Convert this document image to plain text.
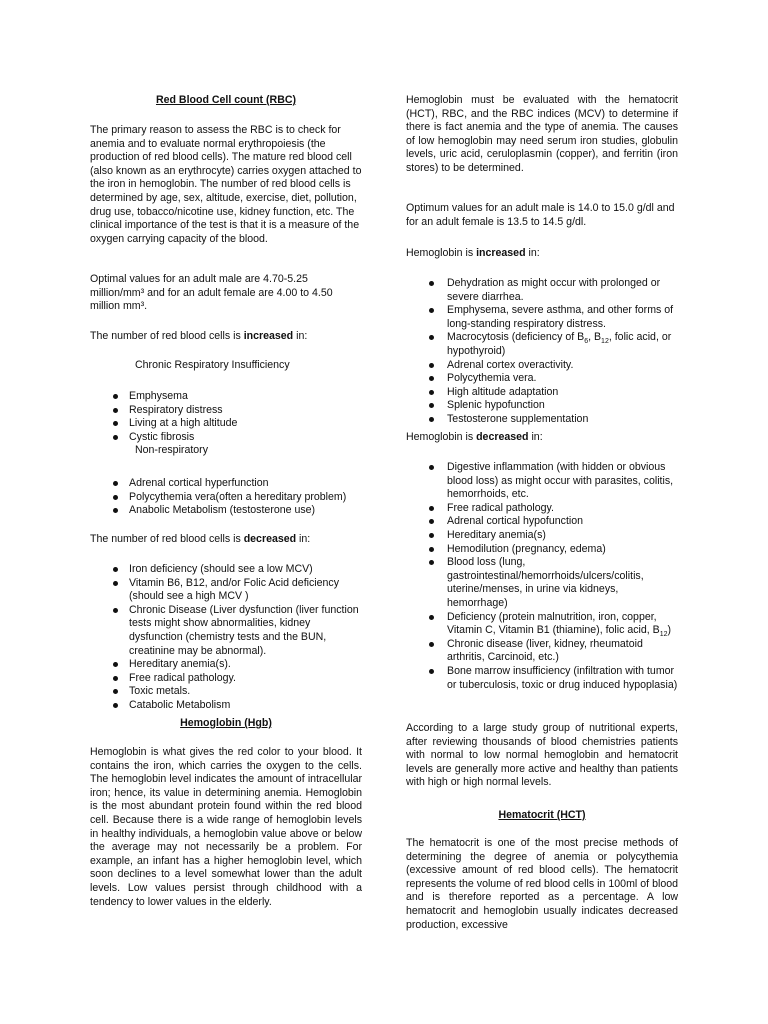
Red Blood Cell count (RBC)

The primary reason to assess the RBC is to check for anemia and to evaluate normal erythropoiesis (the production of red blood cells). The mature red blood cell (also known as an erythrocyte) carries oxygen attached to the iron in hemoglobin. The number of red blood cells is determined by age, sex, altitude, exercise, diet, pollution, drug use, tobacco/nicotine use, kidney function, etc. The clinical importance of the test is that it is a measure of the oxygen carrying capacity of the blood.

Optimal values for an adult male are 4.70-5.25 million/mm³ and for an adult female are 4.00 to 4.50 million mm³.

The number of red blood cells is increased in:

Chronic Respiratory Insufficiency

Emphysema
Respiratory distress
Living at a high altitude
Cystic fibrosis
Non-respiratory
Adrenal cortical hyperfunction
Polycythemia vera(often a hereditary problem)
Anabolic Metabolism (testosterone use)

The number of red blood cells is decreased in:

Iron deficiency (should see a low MCV)
Vitamin B6, B12, and/or Folic Acid deficiency (should see a high MCV )
Chronic Disease (Liver dysfunction (liver function tests might show abnormalities, kidney dysfunction (chemistry tests and the BUN, creatinine may be abnormal).
Hereditary anemia(s).
Free radical pathology.
Toxic metals.
Catabolic Metabolism
Hemoglobin (Hgb)

Hemoglobin is what gives the red color to your blood. It contains the iron, which carries the oxygen to the cells. The hemoglobin level indicates the amount of intracellular iron; hence, its value in determining anemia. Hemoglobin is the most abundant protein found within the red blood cell. Because there is a wide range of hemoglobin levels in healthy individuals, a hemoglobin value above or below the average may not necessarily be a problem. For example, an infant has a higher hemoglobin level, which soon declines to a level somewhat lower than the adult levels. Low values persist through childhood with a tendency to lower values in the elderly.

Hemoglobin must be evaluated with the hematocrit (HCT), RBC, and the RBC indices (MCV) to determine if there is fact anemia and the type of anemia. The causes of low hemoglobin may need serum iron studies, globulin levels, uric acid, ceruloplasmin (copper), and ferritin (iron stores) to be determined.

Optimum values for an adult male is 14.0 to 15.0 g/dl and for an adult female is 13.5 to 14.5 g/dl.

Hemoglobin is increased in:

Dehydration as might occur with prolonged or severe diarrhea.
Emphysema, severe asthma, and other forms of long-standing respiratory distress.
Macrocytosis (deficiency of $B_6$, $B_{12}$, folic acid, or hypothyroid)
Adrenal cortex overactivity.
Polycythemia vera.
High altitude adaptation
Splenic hypofunction
Testosterone supplementation

Hemoglobin is decreased in:

Digestive inflammation (with hidden or obvious blood loss) as might occur with parasites, colitis, hemorrhoids, etc.
Free radical pathology.
Adrenal cortical hypofunction
Hereditary anemia(s)
Hemodilution (pregnancy, edema)
Blood loss (lung, gastrointestinal/hemorrhoids/ulcers/colitis, uterine/menses, in urine via kidneys, hemorrhage)
Deficiency (protein malnutrition, iron, copper, Vitamin C, Vitamin B1 (thiamine), folic acid, $B_{12}$)
Chronic disease (liver, kidney, rheumatoid arthritis, Carcinoid, etc.)
Bone marrow insufficiency (infiltration with tumor or tuberculosis, toxic or drug induced hypoplasia)

According to a large study group of nutritional experts, after reviewing thousands of blood chemistries patients with normal to low normal hemoglobin and hematocrit levels are generally more active and healthy than patients with high or high normal levels.

Hematocrit (HCT)

The hematocrit is one of the most precise methods of determining the degree of anemia or polycythemia (excessive amount of red blood cells). The hematocrit represents the volume of red blood cells in 100ml of blood and is therefore reported as a percentage. A low hematocrit and hemoglobin usually indicates decreased production, excessive
